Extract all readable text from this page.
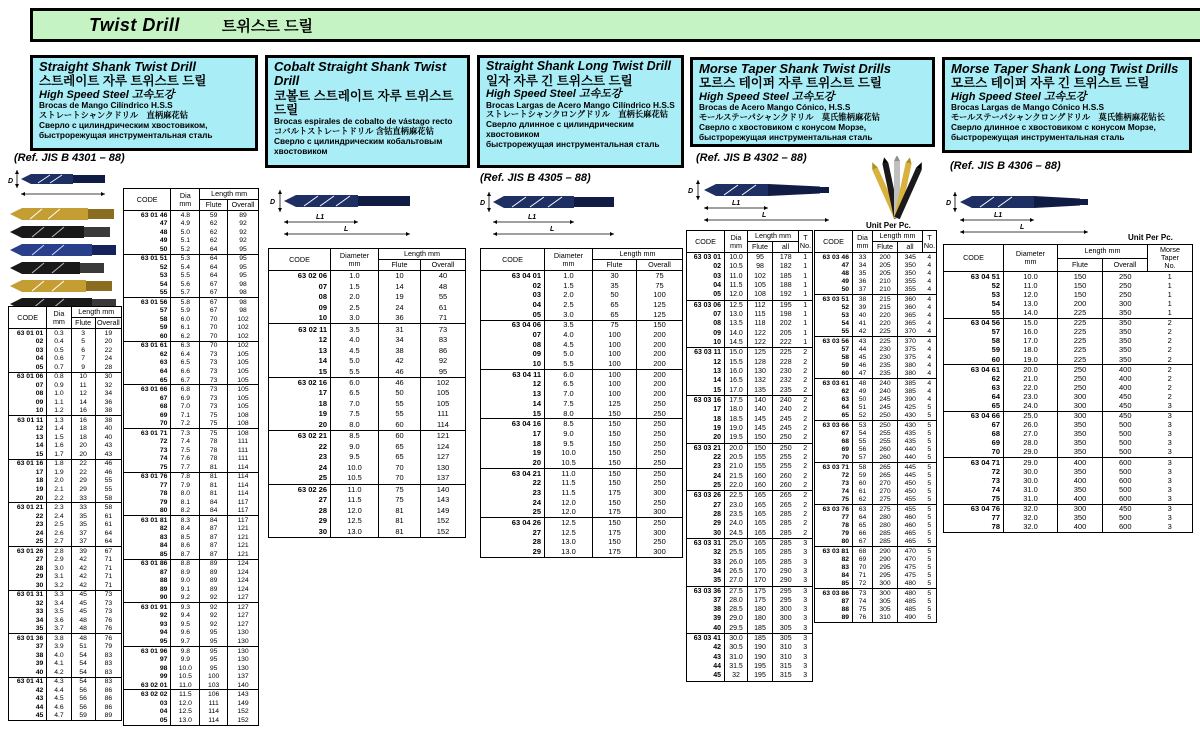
Twist Drill	트위스트 드릴
Straight Shank Twist Drill
스트레이트 자루 트위스트 드릴
High Speed Steel 고속도강
Brocas de Mango Cilíndrico H.S.S
ストレートシャンクドリル　直柄麻花钻
Сверло с цилиндрическим хвостовиком,
быстрорежущая инструментальная сталь
(Ref. JIS B 4301 – 88)
Cobalt Straight Shank Twist Drill
코볼트 스트레이트 자루 트위스트 드릴
Brocas espirales de cobalto de vástago recto
コバルトストレートドリル 含钴直柄麻花钻
Сверло с цилиндрическим кобальтовым хвостовиком
Straight Shank Long Twist Drill
일자 자루 긴 트위스트 드릴
High Speed Steel 고속도강
Brocas Largas de Acero Mango Cilíndrico H.S.S
ストレートシャンクロングドリル　直柄长麻花钻
Сверло длинное с цилиндрическим хвостовиком
быстрорежущая инструментальная сталь
(Ref. JIS B 4305 – 88)
Morse Taper Shank Twist Drills
모르스 테이퍼 자루 트위스트 드릴
High Speed Steel 고속도강
Brocas de Acero Mango Cónico, H.S.S
モールステーパシャンクドリル　莫氏锥柄麻花钻
Сверло с хвостовиком с конусом Морзе,
быстрорежущая инструментальная сталь
(Ref. JIS B 4302 – 88)
Morse Taper Shank Long Twist Drills
모르스 테이퍼 자루 긴 트위스트 드릴
High Speed Steel 고속도강
Brocas Largas de Mango Cónico H.S.S
モールステーパシャンクロングドリル　莫氏锥柄麻花钻长
Сверло длинное с хвостовиком с конусом Морзе,
быстрорежущая инструментальная сталь
(Ref. JIS B 4306 – 88)
D
D
L1
L
D
L1
L
D
L1
L
D
L1
L
Unit Per Pc.
Unit Per Pc.
CODE	Dia
mm	Length mm	
		Flute	Overall
63 01 01	0.3	3	19
02	0.4	5	20
03	0.5	6	22
04	0.6	7	24
05	0.7	9	28
63 01 06	0.8	10	30
07	0.9	11	32
08	1.0	12	34
09	1.1	14	36
10	1.2	16	38
63 01 11	1.3	16	38
12	1.4	18	40
13	1.5	18	40
14	1.6	20	43
15	1.7	20	43
63 01 16	1.8	22	46
17	1.9	22	46
18	2.0	29	55
19	2.1	29	55
20	2.2	33	58
63 01 21	2.3	33	58
22	2.4	35	61
23	2.5	35	61
24	2.6	37	64
25	2.7	37	64
63 01 26	2.8	39	67
27	2.9	42	71
28	3.0	42	71
29	3.1	42	71
30	3.2	42	71
63 01 31	3.3	45	73
32	3.4	45	73
33	3.5	45	73
34	3.6	48	76
35	3.7	48	76
63 01 36	3.8	48	76
37	3.9	51	79
38	4.0	54	83
39	4.1	54	83
40	4.2	54	83
63 01 41	4.3	54	83
42	4.4	56	86
43	4.5	56	86
44	4.6	56	86
45	4.7	59	89
CODE	Dia
mm	Length mm	
		Flute	Overall
63 01 46	4.8	59	89
47	4.9	62	92
48	5.0	62	92
49	5.1	62	92
50	5.2	64	95
63 01 51	5.3	64	95
52	5.4	64	95
53	5.5	64	95
54	5.6	67	98
55	5.7	67	98
63 01 56	5.8	67	98
57	5.9	67	98
58	6.0	70	102
59	6.1	70	102
60	6.2	70	102
63 01 61	6.3	70	102
62	6.4	73	105
63	6.5	73	105
64	6.6	73	105
65	6.7	73	105
63 01 66	6.8	73	105
67	6.9	73	105
68	7.0	73	105
69	7.1	75	108
70	7.2	75	108
63 01 71	7.3	75	108
72	7.4	78	111
73	7.5	78	111
74	7.6	78	111
75	7.7	81	114
63 01 76	7.8	81	114
77	7.9	81	114
78	8.0	81	114
79	8.1	84	117
80	8.2	84	117
63 01 81	8.3	84	117
82	8.4	87	121
83	8.5	87	121
84	8.6	87	121
85	8.7	87	121
63 01 86	8.8	89	124
87	8.9	89	124
88	9.0	89	124
89	9.1	89	124
90	9.2	92	127
63 01 91	9.3	92	127
92	9.4	92	127
93	9.5	92	127
94	9.6	95	130
95	9.7	95	130
63 01 96	9.8	95	130
97	9.9	95	130
98	10.0	95	130
99	10.5	100	137
63 02 01	11.0	103	140
63 02 02	11.5	106	143
03	12.0	111	149
04	12.5	114	152
05	13.0	114	152
CODE	Diameter
mm	Length mm	
		Flute	Overall
63 02 06	1.0	10	40
07	1.5	14	48
08	2.0	19	55
09	2.5	24	61
10	3.0	36	71
63 02 11	3.5	31	73
12	4.0	34	83
13	4.5	38	86
14	5.0	42	92
15	5.5	46	95
63 02 16	6.0	46	102
17	6.5	50	105
18	7.0	55	105
19	7.5	55	111
20	8.0	60	114
63 02 21	8.5	60	121
22	9.0	65	124
23	9.5	65	127
24	10.0	70	130
25	10.5	70	137
63 02 26	11.0	75	140
27	11.5	75	143
28	12.0	81	149
29	12.5	81	152
30	13.0	81	152
CODE	Diameter
mm	Length mm	
		Flute	Overall
63 04 01	1.0	30	75
02	1.5	35	75
03	2.0	50	100
04	2.5	65	125
05	3.0	65	125
63 04 06	3.5	75	150
07	4.0	100	200
08	4.5	100	200
09	5.0	100	200
10	5.5	100	200
63 04 11	6.0	100	200
12	6.5	100	200
13	7.0	100	200
14	7.5	125	250
15	8.0	150	250
63 04 16	8.5	150	250
17	9.0	150	250
18	9.5	150	250
19	10.0	150	250
20	10.5	150	250
63 04 21	11.0	150	250
22	11.5	150	250
23	11.5	175	300
24	12.0	150	250
25	12.0	175	300
63 04 26	12.5	150	250
27	12.5	175	300
28	13.0	150	250
29	13.0	175	300
CODE	Dia
mm	Length mm		T
No.
		Flute	all	
63 03 01	10.0	95	178	1
02	10.5	98	182	1
03	11.0	102	185	1
04	11.5	105	188	1
05	12.0	108	192	1
63 03 06	12.5	112	195	1
07	13.0	115	198	1
08	13.5	118	202	1
09	14.0	122	205	1
10	14.5	122	222	1
63 03 11	15.0	125	225	2
12	15.5	128	228	2
13	16.0	130	230	2
14	16.5	132	232	2
15	17.0	135	235	2
63 03 16	17.5	140	240	2
17	18.0	140	240	2
18	18.5	145	245	2
19	19.0	145	245	2
20	19.5	150	250	2
63 03 21	20.0	150	250	2
22	20.5	155	255	2
23	21.0	155	255	2
24	21.5	160	260	2
25	22.0	160	260	2
63 03 26	22.5	165	265	2
27	23.0	165	265	2
28	23.5	165	285	2
29	24.0	165	285	2
30	24.5	165	285	2
63 03 31	25.0	165	285	3
32	25.5	165	285	3
33	26.0	165	285	3
34	26.5	170	290	3
35	27.0	170	290	3
63 03 36	27.5	175	295	3
37	28.0	175	295	3
38	28.5	180	300	3
39	29.0	180	300	3
40	29.5	185	305	3
63 03 41	30.0	185	305	3
42	30.5	190	310	3
43	31.0	190	310	3
44	31.5	195	315	3
45	32	195	315	3
CODE	Dia
mm	Length mm		T
No.
		Flute	all	
63 03 46	33	200	345	4
47	34	205	350	4
48	35	205	350	4
49	36	210	355	4
50	37	210	355	4
63 03 51	38	215	360	4
52	39	215	360	4
53	40	220	365	4
54	41	220	365	4
55	42	225	370	4
63 03 56	43	225	370	4
57	44	230	375	4
58	45	230	375	4
59	46	235	380	4
60	47	235	380	4
63 03 61	48	240	385	4
62	49	240	385	4
63	50	245	390	4
64	51	245	425	5
65	52	250	430	5
63 03 66	53	250	430	5
67	54	255	435	5
68	55	255	435	5
69	56	260	440	5
70	57	260	440	5
63 03 71	58	265	445	5
72	59	265	445	5
73	60	270	450	5
74	61	270	450	5
75	62	275	455	5
63 03 76	63	275	455	5
77	64	280	460	5
78	65	280	460	5
79	66	285	465	5
80	67	285	465	5
63 03 81	68	290	470	5
82	69	290	470	5
83	70	295	475	5
84	71	295	475	5
85	72	300	480	5
63 03 86	73	300	480	5
87	74	305	485	5
88	75	305	485	5
89	76	310	490	5
CODE	Diameter
mm	Length mm		Morse
Taper
No.
		Flute	Overall	
63 04 51	10.0	150	250	1
52	11.0	150	250	1
53	12.0	150	250	1
54	13.0	200	300	1
55	14.0	225	350	1
63 04 56	15.0	225	350	2
57	16.0	225	350	2
58	17.0	225	350	2
59	18.0	225	350	2
60	19.0	225	350	2
63 04 61	20.0	250	400	2
62	21.0	250	400	2
63	22.0	250	400	2
64	23.0	300	450	2
65	24.0	300	450	3
63 04 66	25.0	300	450	3
67	26.0	350	500	3
68	27.0	350	500	3
69	28.0	350	500	3
70	29.0	350	500	3
63 04 71	29.0	400	600	3
72	30.0	350	500	3
73	30.0	400	600	3
74	31.0	350	500	3
75	31.0	400	600	3
63 04 76	32.0	300	450	3
77	32.0	350	500	3
78	32.0	400	600	3
